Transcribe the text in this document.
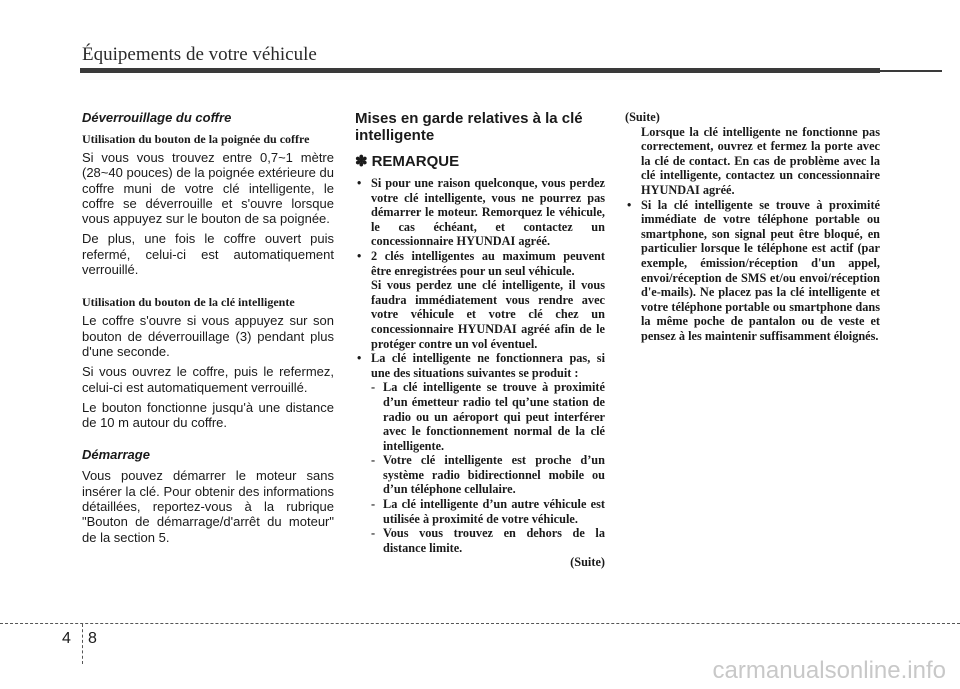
Équipements de votre véhicule
Déverrouillage du coffre
Utilisation du bouton de la poignée du coffre

Si vous vous trouvez entre 0,7~1 mètre (28~40 pouces) de la poignée extérieure du coffre muni de votre clé intelligente, le coffre se déverrouille et s'ouvre lorsque vous appuyez sur le bouton de sa poignée.

De plus, une fois le coffre ouvert puis refermé, celui-ci est automatiquement verrouillé.

Utilisation du bouton de la clé intelligente

Le coffre s'ouvre si vous appuyez sur son bouton de déverrouillage (3) pendant plus d'une seconde.

Si vous ouvrez le coffre, puis le refermez, celui-ci est automatiquement verrouillé.

Le bouton fonctionne jusqu'à une distance de 10 m autour du coffre.

Démarrage

Vous pouvez démarrer le moteur sans insérer la clé. Pour obtenir des informations détaillées, reportez-vous à la rubrique "Bouton de démarrage/d'arrêt du moteur" de la section 5.

Mises en garde relatives à la clé intelligente
✽ REMARQUE
• Si pour une raison quelconque, vous perdez votre clé intelligente, vous ne pourrez pas démarrer le moteur. Remorquez le véhicule, le cas échéant, et contactez un concessionnaire HYUNDAI agréé.
• 2 clés intelligentes au maximum peuvent être enregistrées pour un seul véhicule.
Si vous perdez une clé intelligente, il vous faudra immédiatement vous rendre avec votre véhicule et votre clé chez un concessionnaire HYUNDAI agréé afin de le protéger contre un vol éventuel.
• La clé intelligente ne fonctionnera pas, si une des situations suivantes se produit :
- La clé intelligente se trouve à proximité d’un émetteur radio tel qu’une station de radio ou un aéroport qui peut interférer avec le fonctionnement normal de la clé intelligente.
- Votre clé intelligente est proche d’un système radio bidirectionnel mobile ou d’un téléphone cellulaire.
- La clé intelligente d’un autre véhicule est utilisée à proximité de votre véhicule.
- Vous vous trouvez en dehors de la distance limite.
(Suite)
(Suite)
Lorsque la clé intelligente ne fonctionne pas correctement, ouvrez et fermez la porte avec la clé de contact. En cas de problème avec la clé intelligente, contactez un concessionnaire HYUNDAI agréé.
• Si la clé intelligente se trouve à proximité immédiate de votre téléphone portable ou smartphone, son signal peut être bloqué, en particulier lorsque le téléphone est actif (par exemple, émission/réception d'un appel, envoi/réception de SMS et/ou envoi/réception d'e-mails). Ne placez pas la clé intelligente et votre téléphone portable ou smartphone dans la même poche de pantalon ou de veste et pensez à les maintenir suffisamment éloignés.
4 8
carmanualsonline.info
